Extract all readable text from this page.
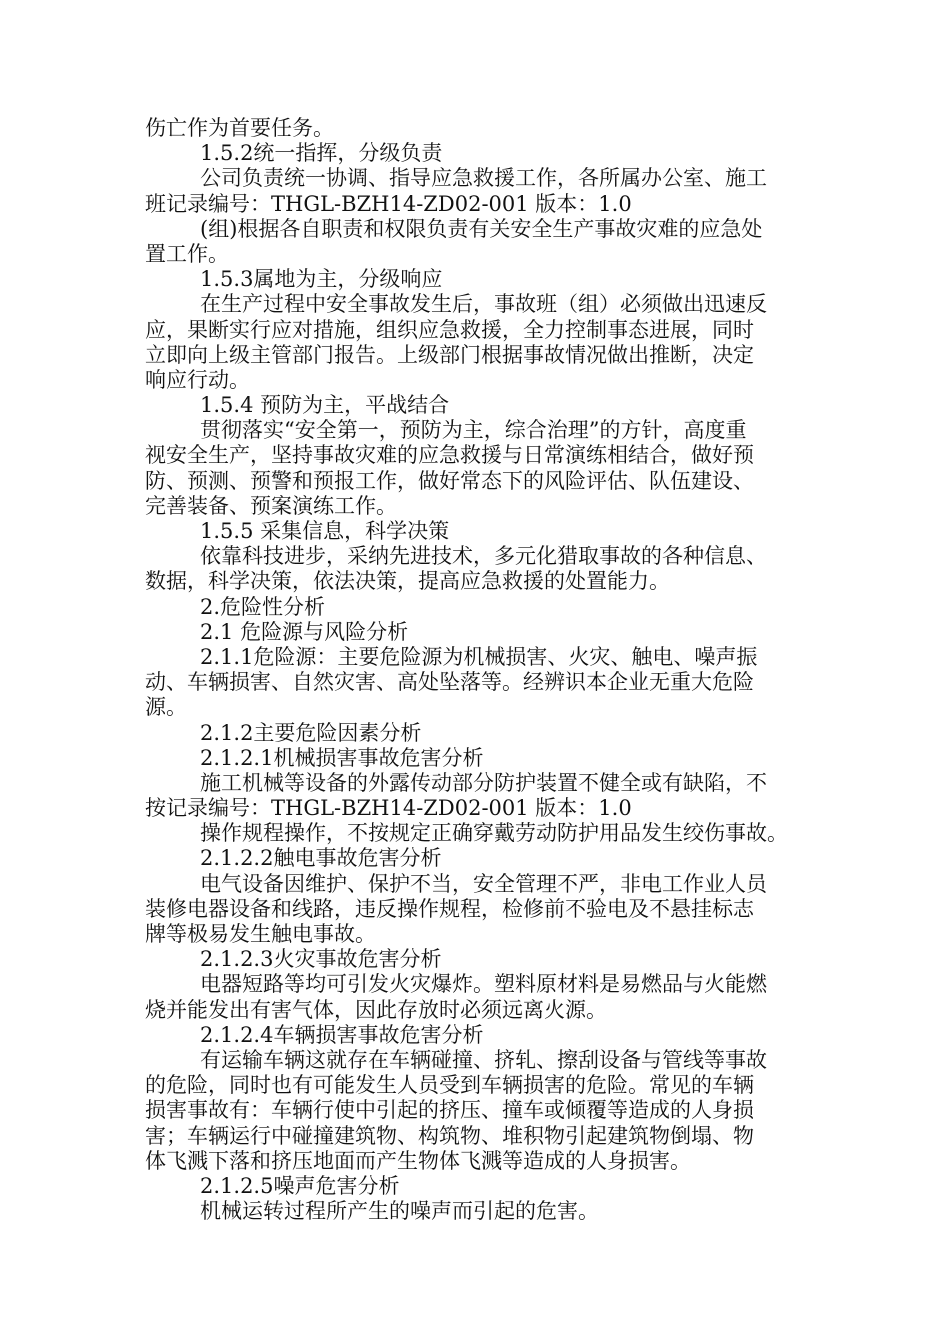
伤亡作为首要任务。
1.5.2统一指挥，分级负责
公司负责统一协调、指导应急救援工作，各所属办公室、施工
班记录编号：THGL-BZH14-ZD02-001 版本：1.0
(组)根据各自职责和权限负责有关安全生产事故灾难的应急处
置工作。
1.5.3属地为主，分级响应
在生产过程中安全事故发生后，事故班（组）必须做出迅速反
应，果断实行应对措施，组织应急救援，全力控制事态进展，同时
立即向上级主管部门报告。上级部门根据事故情况做出推断，决定
响应行动。
1.5.4 预防为主，平战结合
贯彻落实“安全第一，预防为主，综合治理”的方针，高度重
视安全生产，坚持事故灾难的应急救援与日常演练相结合，做好预
防、预测、预警和预报工作，做好常态下的风险评估、队伍建设、
完善装备、预案演练工作。
1.5.5 采集信息，科学决策
依靠科技进步，采纳先进技术，多元化猎取事故的各种信息、
数据，科学决策，依法决策，提高应急救援的处置能力。
2.危险性分析
2.1 危险源与风险分析
2.1.1危险源：主要危险源为机械损害、火灾、触电、噪声振
动、车辆损害、自然灾害、高处坠落等。经辨识本企业无重大危险
源。
2.1.2主要危险因素分析
2.1.2.1机械损害事故危害分析
施工机械等设备的外露传动部分防护装置不健全或有缺陷，不
按记录编号：THGL-BZH14-ZD02-001 版本：1.0
操作规程操作，不按规定正确穿戴劳动防护用品发生绞伤事故。
2.1.2.2触电事故危害分析
电气设备因维护、保护不当，安全管理不严，非电工作业人员
装修电器设备和线路，违反操作规程，检修前不验电及不悬挂标志
牌等极易发生触电事故。
2.1.2.3火灾事故危害分析
电器短路等均可引发火灾爆炸。塑料原材料是易燃品与火能燃
烧并能发出有害气体，因此存放时必须远离火源。
2.1.2.4车辆损害事故危害分析
有运输车辆这就存在车辆碰撞、挤轧、擦刮设备与管线等事故
的危险，同时也有可能发生人员受到车辆损害的危险。常见的车辆
损害事故有：车辆行使中引起的挤压、撞车或倾覆等造成的人身损
害；车辆运行中碰撞建筑物、构筑物、堆积物引起建筑物倒塌、物
体飞溅下落和挤压地面而产生物体飞溅等造成的人身损害。
2.1.2.5噪声危害分析
机械运转过程所产生的噪声而引起的危害。
